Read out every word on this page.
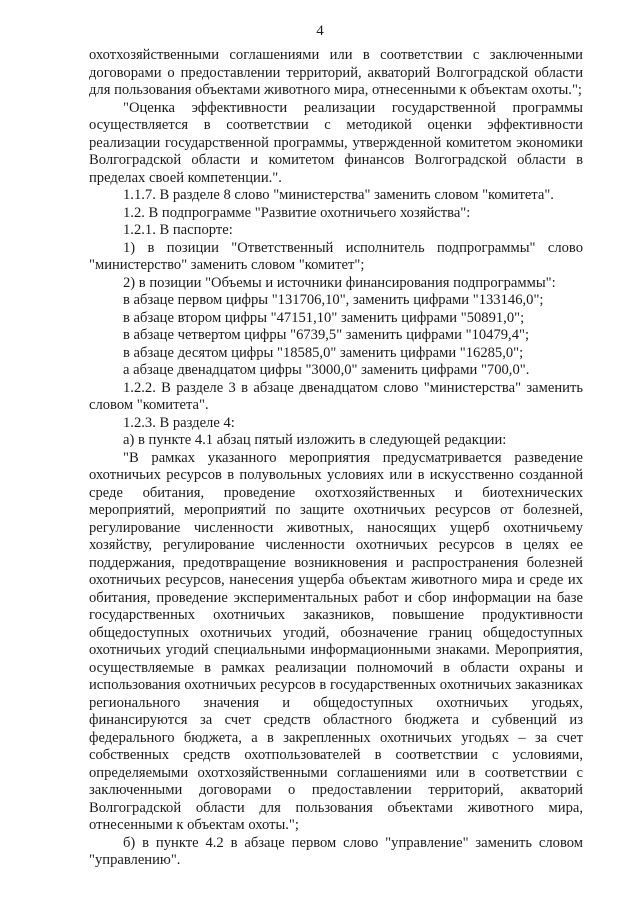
4

охотхозяйственными соглашениями или в соответствии с заключенными договорами о предоставлении территорий, акваторий Волгоградской области для пользования объектами животного мира, отнесенными к объектам охоты.";

"Оценка эффективности реализации государственной программы осуществляется в соответствии с методикой оценки эффективности реализации государственной программы, утвержденной комитетом экономики Волгоградской области и комитетом финансов Волгоградской области в пределах своей компетенции.".

1.1.7. В разделе 8 слово "министерства" заменить словом "комитета".

1.2. В подпрограмме "Развитие охотничьего хозяйства":

1.2.1. В паспорте:

1) в позиции "Ответственный исполнитель подпрограммы" слово "министерство" заменить словом "комитет";

2) в позиции "Объемы и источники финансирования подпрограммы":

в абзаце первом цифры "131706,10", заменить цифрами "133146,0";
в абзаце втором цифры "47151,10" заменить цифрами "50891,0";
в абзаце четвертом цифры "6739,5" заменить цифрами "10479,4";
в абзаце десятом цифры "18585,0" заменить цифрами "16285,0";
а абзаце двенадцатом цифры "3000,0" заменить цифрами "700,0".

1.2.2. В разделе 3 в абзаце двенадцатом слово "министерства" заменить словом "комитета".

1.2.3. В разделе 4:

а) в пункте 4.1 абзац пятый изложить в следующей редакции:

"В рамках указанного мероприятия предусматривается разведение охотничьих ресурсов в полувольных условиях или в искусственно созданной среде обитания, проведение охотхозяйственных и биотехнических мероприятий, мероприятий по защите охотничьих ресурсов от болезней, регулирование численности животных, наносящих ущерб охотничьему хозяйству, регулирование численности охотничьих ресурсов в целях ее поддержания, предотвращение возникновения и распространения болезней охотничьих ресурсов, нанесения ущерба объектам животного мира и среде их обитания, проведение экспериментальных работ и сбор информации на базе государственных охотничьих заказников, повышение продуктивности общедоступных охотничьих угодий, обозначение границ общедоступных охотничьих угодий специальными информационными знаками. Мероприятия, осуществляемые в рамках реализации полномочий в области охраны и использования охотничьих ресурсов в государственных охотничьих заказниках регионального значения и общедоступных охотничьих угодьях, финансируются за счет средств областного бюджета и субвенций из федерального бюджета, а в закрепленных охотничьих угодьях – за счет собственных средств охотпользователей в соответствии с условиями, определяемыми охотхозяйственными соглашениями или в соответствии с заключенными договорами о предоставлении территорий, акваторий Волгоградской области для пользования объектами животного мира, отнесенными к объектам охоты.";

б) в пункте 4.2 в абзаце первом слово "управление" заменить словом "управлению".
